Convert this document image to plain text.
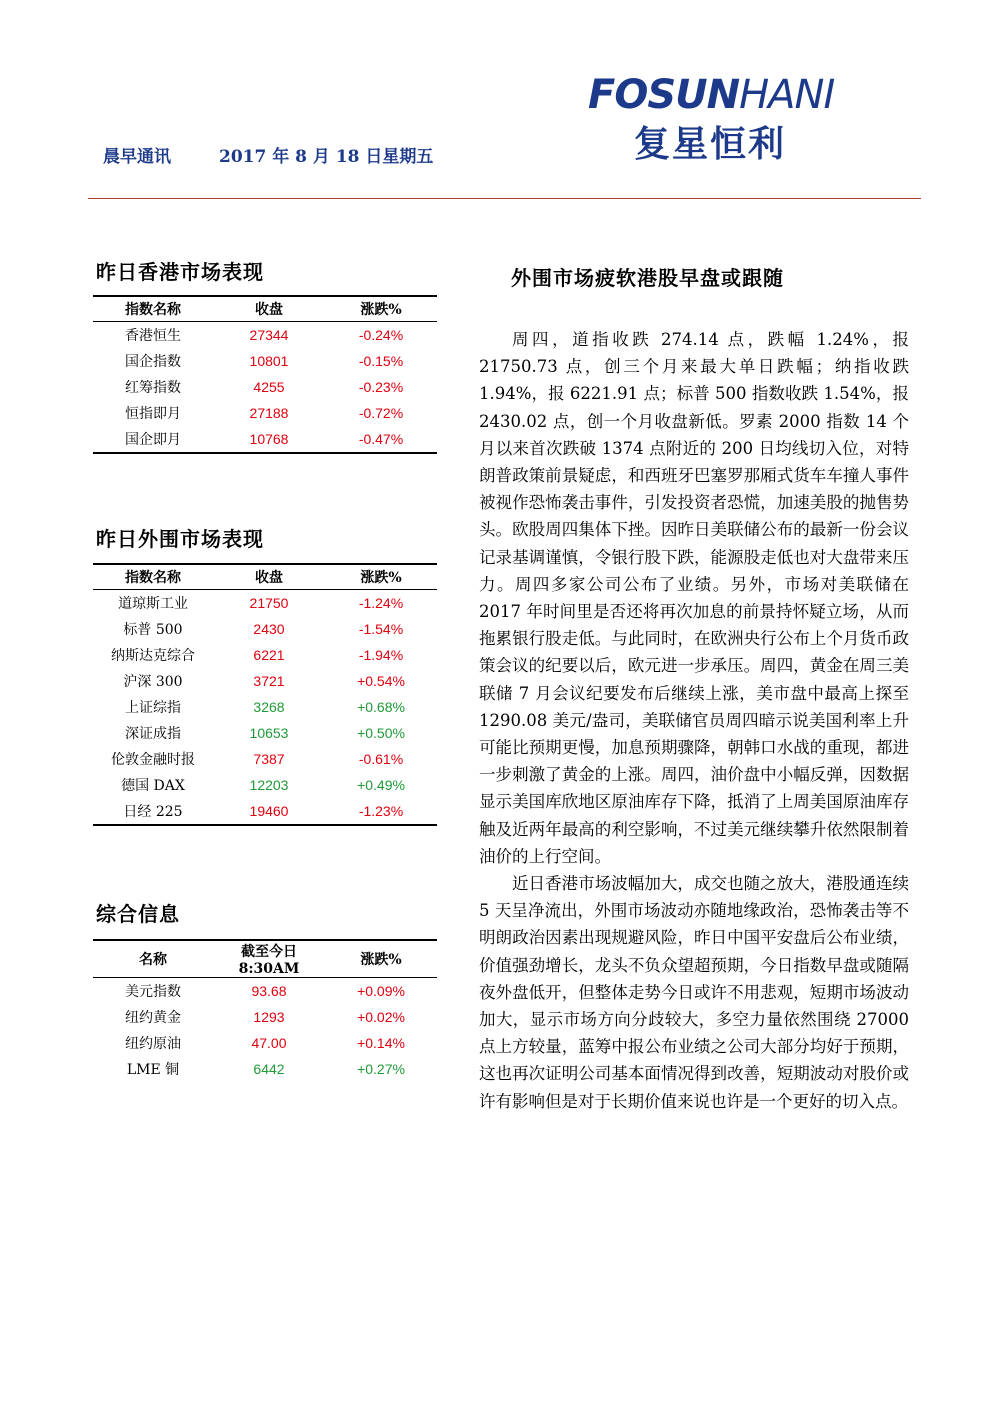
FOSUNHANI
复星恒利
晨早通讯	2017 年 8 月 18 日星期五
昨日香港市场表现
指数名称	收盘	涨跌%
香港恒生	27344	-0.24%
国企指数	10801	-0.15%
红筹指数	4255	-0.23%
恒指即月	27188	-0.72%
国企即月	10768	-0.47%
昨日外围市场表现
指数名称	收盘	涨跌%
道琼斯工业	21750	-1.24%
标普 500	2430	-1.54%
纳斯达克综合	6221	-1.94%
沪深 300	3721	+0.54%
上证综指	3268	+0.68%
深证成指	10653	+0.50%
伦敦金融时报	7387	-0.61%
德国 DAX	12203	+0.49%
日经 225	19460	-1.23%
综合信息
名称	截至今日 8:30AM	涨跌%
美元指数	93.68	+0.09%
纽约黄金	1293	+0.02%
纽约原油	47.00	+0.14%
LME 铜	6442	+0.27%
外围市场疲软港股早盘或跟随

周四，道指收跌 274.14 点，跌幅 1.24%，报 21750.73 点，创三个月来最大单日跌幅；纳指收跌 1.94%，报 6221.91 点；标普 500 指数收跌 1.54%，报 2430.02 点，创一个月收盘新低。罗素 2000 指数 14 个月以来首次跌破 1374 点附近的 200 日均线切入位，对特朗普政策前景疑虑，和西班牙巴塞罗那厢式货车车撞人事件被视作恐怖袭击事件，引发投资者恐慌，加速美股的抛售势头。欧股周四集体下挫。因昨日美联储公布的最新一份会议记录基调谨慎，令银行股下跌，能源股走低也对大盘带来压力。周四多家公司公布了业绩。另外，市场对美联储在 2017 年时间里是否还将再次加息的前景持怀疑立场，从而拖累银行股走低。与此同时，在欧洲央行公布上个月货币政策会议的纪要以后，欧元进一步承压。周四，黄金在周三美联储 7 月会议纪要发布后继续上涨，美市盘中最高上探至 1290.08 美元/盎司，美联储官员周四暗示说美国利率上升可能比预期更慢，加息预期骤降，朝韩口水战的重现，都进一步刺激了黄金的上涨。周四，油价盘中小幅反弹，因数据显示美国库欣地区原油库存下降，抵消了上周美国原油库存触及近两年最高的利空影响，不过美元继续攀升依然限制着油价的上行空间。

近日香港市场波幅加大，成交也随之放大，港股通连续 5 天呈净流出，外围市场波动亦随地缘政治，恐怖袭击等不明朗政治因素出现规避风险，昨日中国平安盘后公布业绩，价值强劲增长，龙头不负众望超预期，今日指数早盘或随隔夜外盘低开，但整体走势今日或许不用悲观，短期市场波动加大，显示市场方向分歧较大，多空力量依然围绕 27000 点上方较量，蓝筹中报公布业绩之公司大部分均好于预期，这也再次证明公司基本面情况得到改善，短期波动对股价或许有影响但是对于长期价值来说也许是一个更好的切入点。
